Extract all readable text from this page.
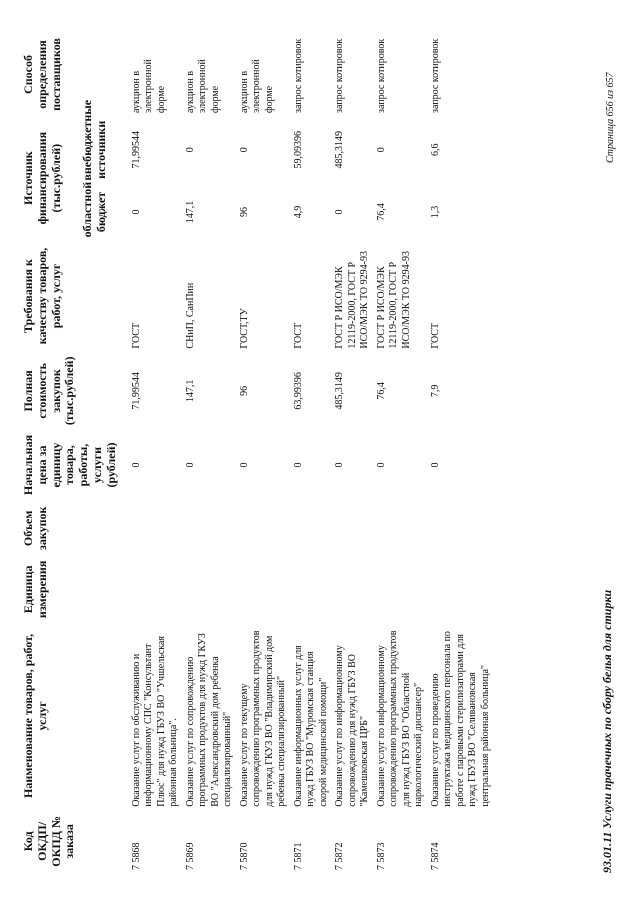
Код ОКДП/ ОКПД № заказа	Наименование товаров, работ, услуг	Единица измерения	Объем закупок	Начальная цена за единицу товара, работы, услуги (рублей)	Полная стоимость закупок (тыс.рублей)	Требования к качеству товаров, работ, услуг	Источник финансирования (тыс.рублей)		Способ определения поставщиков
							областной бюджет	внебюджетные источники	

7 5868	Оказание услуг по обслуживанию и информационному СПС "Консультант Плюс" для нужд ГБУЗ ВО "Учшельская районная больница".			0	71,99544	ГОСТ	0	71,99544	аукцион в электронной форме
7 5869	Оказание услуг по сопровождению программных продуктов для нужд ГКУЗ ВО "Александровский дом ребенка специализированный"			0	147,1	СНиП, СанПин	147,1	0	аукцион в электронной форме
7 5870	Оказание услуг по текущему сопровождению программных продуктов для нужд ГКУЗ ВО "Владимирский дом ребенка специализированный"			0	96	ГОСТ,ТУ	96	0	аукцион в электронной форме
7 5871	Оказание информационных услуг для нужд ГБУЗ ВО "Муромская станция скорой медицинской помощи"			0	63,99396	ГОСТ	4,9	59,09396	запрос котировок
7 5872	Оказание услуг по информационному сопровождению для нужд ГБУЗ ВО "Камешковская ЦРБ"			0	485,3149	ГОСТ Р ИСО/МЭК 12119-2000, ГОСТ Р ИСО/МЭК ТО 9294-93	0	485,3149	запрос котировок
7 5873	Оказание услуг по информационному сопровождению программных продуктов для нужд ГБУЗ ВО "Областной наркологический диспансер"			0	76,4	ГОСТ Р ИСО/МЭК 12119-2000, ГОСТ Р ИСО/МЭК ТО 9294-93	76,4	0	запрос котировок
7 5874	Оказание услуг по проведению инструктажа медицинского персонала по работе с паровыми стерилизаторами для нужд ГБУЗ ВО "Селивановская центральная районная больница"			0	7,9	ГОСТ	1,3	6,6	запрос котировок
93.01.11 Услуги прачечных по сбору белья для стирки
Страница 656 из 657
